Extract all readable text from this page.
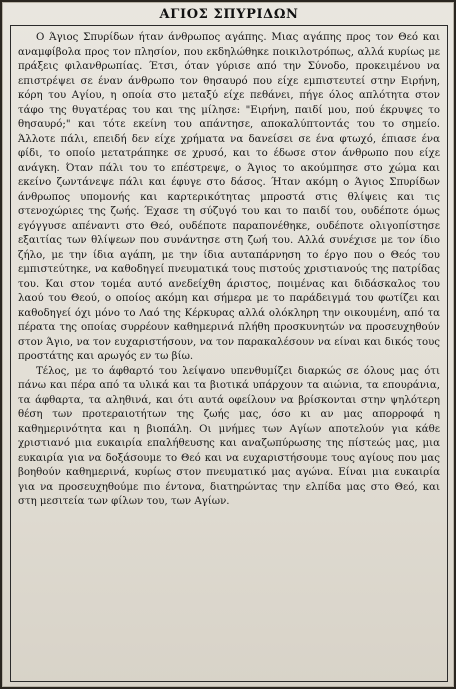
ΑΓΙΟΣ ΣΠΥΡΙΔΩΝ

Ο Άγιος Σπυρίδων ήταν άνθρωπος αγάπης. Μιας αγάπης προς τον Θεό και αναμφίβολα προς τον πλησίον, που εκδηλώθηκε ποικιλοτρόπως, αλλά κυρίως με πράξεις φιλανθρωπίας. Έτσι, όταν γύρισε από την Σύνοδο, προκειμένου να επιστρέψει σε έναν άνθρωπο τον θησαυρό που είχε εμπιστευτεί στην Ειρήνη, κόρη του Αγίου, η οποία στο μεταξύ είχε πεθάνει, πήγε όλος απλότητα στον τάφο της θυγατέρας του και της μίλησε: "Ειρήνη, παιδί μου, πού έκρυψες το θησαυρό;" και τότε εκείνη του απάντησε, αποκαλύπτοντάς του το σημείο. Άλλοτε πάλι, επειδή δεν είχε χρήματα να δανείσει σε ένα φτωχό, έπιασε ένα φίδι, το οποίο μετατράπηκε σε χρυσό, και το έδωσε στον άνθρωπο που είχε ανάγκη. Όταν πάλι του το επέστρεψε, ο Άγιος το ακούμπησε στο χώμα και εκείνο ζωντάνεψε πάλι και έφυγε στο δάσος. Ήταν ακόμη ο Άγιος Σπυρίδων άνθρωπος υπομονής και καρτερικότητας μπροστά στις θλίψεις και τις στενοχώριες της ζωής. Έχασε τη σύζυγό του και το παιδί του, ουδέποτε όμως εγόγγυσε απέναντι στο Θεό, ουδέποτε παραπονέθηκε, ουδέποτε ολιγοπίστησε εξαιτίας των θλίψεων που συνάντησε στη ζωή του. Αλλά συνέχισε με τον ίδιο ζήλο, με την ίδια αγάπη, με την ίδια αυταπάρνηση το έργο που ο Θεός του εμπιστεύτηκε, να καθοδηγεί πνευματικά τους πιστούς χριστιανούς της πατρίδας του. Και στον τομέα αυτό ανεδείχθη άριστος, ποιμένας και διδάσκαλος του λαού του Θεού, ο οποίος ακόμη και σήμερα με το παράδειγμά του φωτίζει και καθοδηγεί όχι μόνο το Λαό της Κέρκυρας αλλά ολόκληρη την οικουμένη, από τα πέρατα της οποίας συρρέουν καθημερινά πλήθη προσκυνητών να προσευχηθούν στον Άγιο, να τον ευχαριστήσουν, να τον παρακαλέσουν να είναι και δικός τους προστάτης και αρωγός εν τω βίω.

Τέλος, με το άφθαρτό του λείψανο υπενθυμίζει διαρκώς σε όλους μας ότι πάνω και πέρα από τα υλικά και τα βιοτικά υπάρχουν τα αιώνια, τα επουράνια, τα άφθαρτα, τα αληθινά, και ότι αυτά οφείλουν να βρίσκονται στην ψηλότερη θέση των προτεραιοτήτων της ζωής μας, όσο κι αν μας απορροφά η καθημερινότητα και η βιοπάλη. Οι μνήμες των Αγίων αποτελούν για κάθε χριστιανό μια ευκαιρία επαλήθευσης και αναζωπύρωσης της πίστεώς μας, μια ευκαιρία για να δοξάσουμε το Θεό και να ευχαριστήσουμε τους αγίους που μας βοηθούν καθημερινά, κυρίως στον πνευματικό μας αγώνα. Είναι μια ευκαιρία για να προσευχηθούμε πιο έντονα, διατηρώντας την ελπίδα μας στο Θεό, και στη μεσιτεία των φίλων του, των Αγίων.
